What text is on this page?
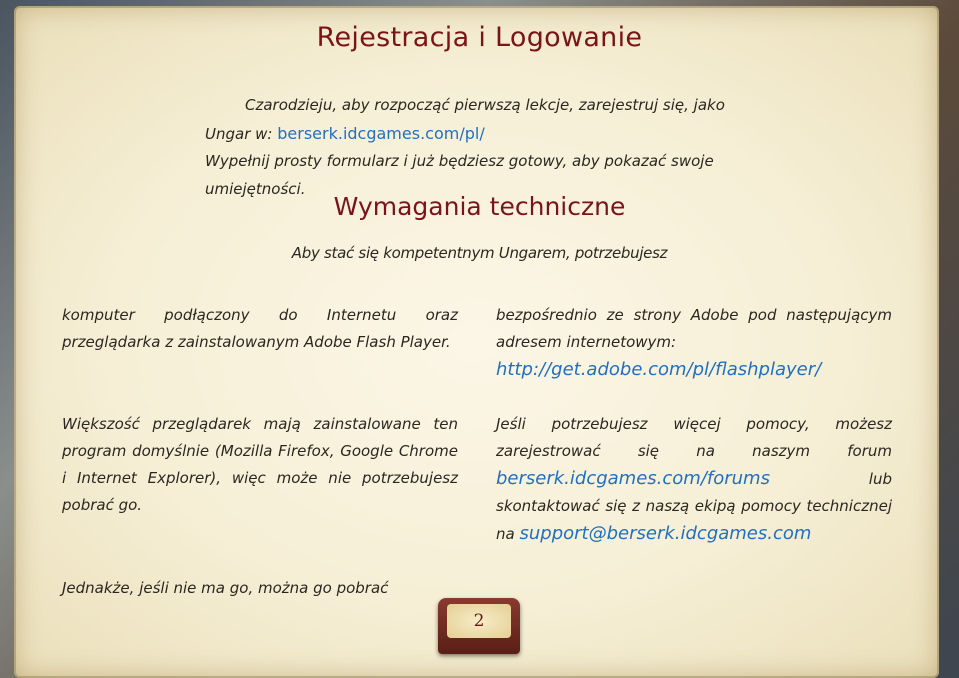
Rejestracja i Logowanie
Czarodzieju, aby rozpocząć pierwszą lekcje, zarejestruj się, jako
Ungar w: berserk.idcgames.com/pl/
Wypełnij prosty formularz i już będziesz gotowy, aby pokazać swoje
umiejętności.
Wymagania techniczne
Aby stać się kompetentnym Ungarem, potrzebujesz
komputer podłączony do Internetu oraz przeglądarka z zainstalowanym Adobe Flash Player.
Większość przeglądarek mają zainstalowane ten program domyślnie (Mozilla Firefox, Google Chrome i Internet Explorer), więc może nie potrzebujesz pobrać go.
Jednakże, jeśli nie ma go, można go pobrać
bezpośrednio ze strony Adobe pod następującym adresem internetowym:
http://get.adobe.com/pl/flashplayer/
Jeśli potrzebujesz więcej pomocy, możesz zarejestrować się na naszym forum berserk.idcgames.com/forums	lub skontaktować się z naszą ekipą pomocy technicznej na support@berserk.idcgames.com
2
